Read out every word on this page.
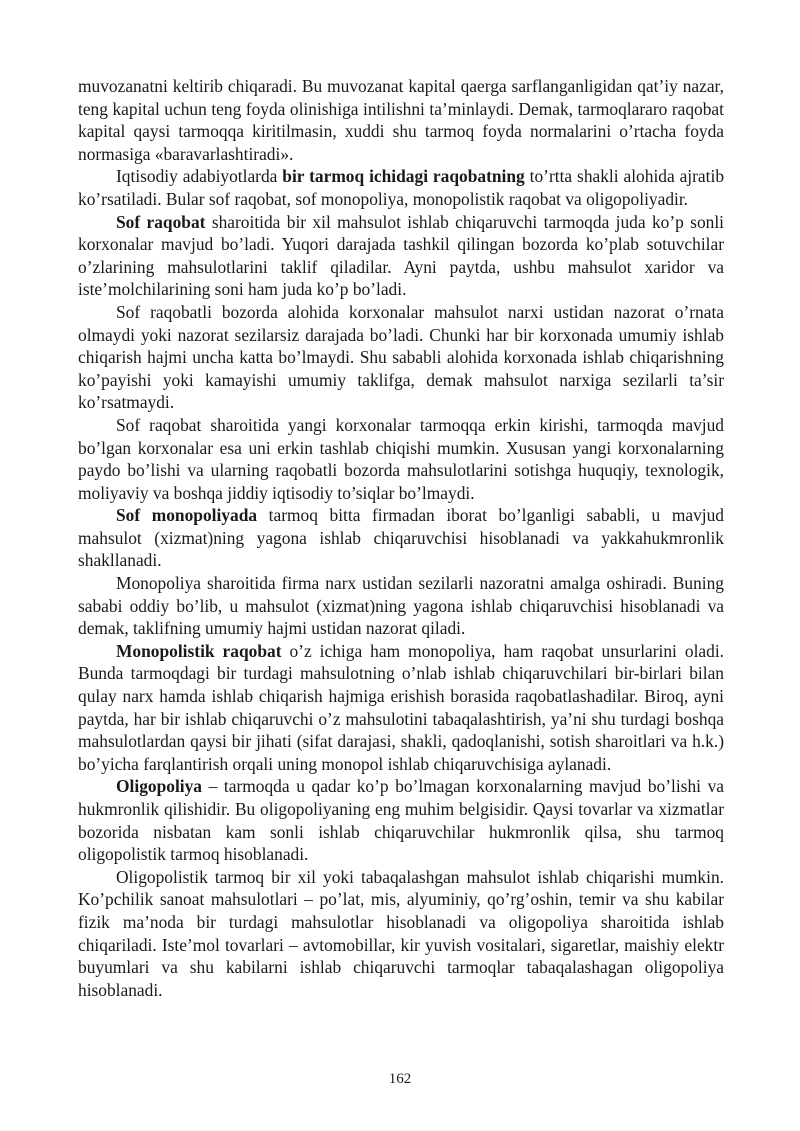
muvozanatni keltirib chiqaradi. Bu muvozanat kapital qaerga sarflanganligidan qat’iy nazar, teng kapital uchun teng foyda olinishiga intilishni ta’minlaydi. Demak, tarmoqlararo raqobat kapital qaysi tarmoqqa kiritilmasin, xuddi shu tarmoq foyda normalarini o’rtacha foyda normasiga «baravarlashtiradi».

Iqtisodiy adabiyotlarda bir tarmoq ichidagi raqobatning to’rtta shakli alohida ajratib ko’rsatiladi. Bular sof raqobat, sof monopoliya, monopolistik raqobat va oligopoliyadir.

Sof raqobat sharoitida bir xil mahsulot ishlab chiqaruvchi tarmoqda juda ko’p sonli korxonalar mavjud bo’ladi. Yuqori darajada tashkil qilingan bozorda ko’plab sotuvchilar o’zlarining mahsulotlarini taklif qiladilar. Ayni paytda, ushbu mahsulot xaridor va iste’molchilarining soni ham juda ko’p bo’ladi.

Sof raqobatli bozorda alohida korxonalar mahsulot narxi ustidan nazorat o’rnata olmaydi yoki nazorat sezilarsiz darajada bo’ladi. Chunki har bir korxonada umumiy ishlab chiqarish hajmi uncha katta bo’lmaydi. Shu sababli alohida korxonada ishlab chiqarishning ko’payishi yoki kamayishi umumiy taklifga, demak mahsulot narxiga sezilarli ta’sir ko’rsatmaydi.

Sof raqobat sharoitida yangi korxonalar tarmoqqa erkin kirishi, tarmoqda mavjud bo’lgan korxonalar esa uni erkin tashlab chiqishi mumkin. Xususan yangi korxonalarning paydo bo’lishi va ularning raqobatli bozorda mahsulotlarini sotishga huquqiy, texnologik, moliyaviy va boshqa jiddiy iqtisodiy to’siqlar bo’lmaydi.

Sof monopoliyada tarmoq bitta firmadan iborat bo’lganligi sababli, u mavjud mahsulot (xizmat)ning yagona ishlab chiqaruvchisi hisoblanadi va yakkahukmronlik shakllanadi.

Monopoliya sharoitida firma narx ustidan sezilarli nazoratni amalga oshiradi. Buning sababi oddiy bo’lib, u mahsulot (xizmat)ning yagona ishlab chiqaruvchisi hisoblanadi va demak, taklifning umumiy hajmi ustidan nazorat qiladi.

Monopolistik raqobat o’z ichiga ham monopoliya, ham raqobat unsurlarini oladi. Bunda tarmoqdagi bir turdagi mahsulotning o’nlab ishlab chiqaruvchilari bir-birlari bilan qulay narx hamda ishlab chiqarish hajmiga erishish borasida raqobatlashadilar. Biroq, ayni paytda, har bir ishlab chiqaruvchi o’z mahsulotini tabaqalashtirish, ya’ni shu turdagi boshqa mahsulotlardan qaysi bir jihati (sifat darajasi, shakli, qadoqlanishi, sotish sharoitlari va h.k.) bo’yicha farqlantirish orqali uning monopol ishlab chiqaruvchisiga aylanadi.

Oligopoliya – tarmoqda u qadar ko’p bo’lmagan korxonalarning mavjud bo’lishi va hukmronlik qilishidir. Bu oligopoliyaning eng muhim belgisidir. Qaysi tovarlar va xizmatlar bozorida nisbatan kam sonli ishlab chiqaruvchilar hukmronlik qilsa, shu tarmoq oligopolistik tarmoq hisoblanadi.

Oligopolistik tarmoq bir xil yoki tabaqalashgan mahsulot ishlab chiqarishi mumkin. Ko’pchilik sanoat mahsulotlari – po’lat, mis, alyuminiy, qo’rg’oshin, temir va shu kabilar fizik ma’noda bir turdagi mahsulotlar hisoblanadi va oligopoliya sharoitida ishlab chiqariladi. Iste’mol tovarlari – avtomobillar, kir yuvish vositalari, sigaretlar, maishiy elektr buyumlari va shu kabilarni ishlab chiqaruvchi tarmoqlar tabaqalashagan oligopoliya hisoblanadi.

162
